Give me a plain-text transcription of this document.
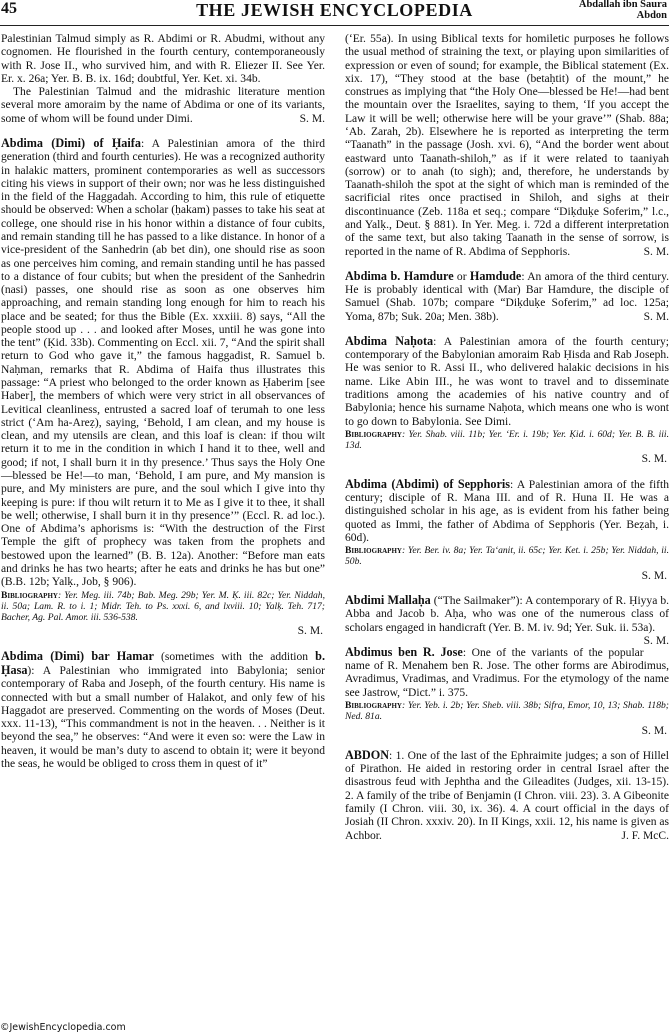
45	THE JEWISH ENCYCLOPEDIA	Abdallah ibn Saura
Abdon

Palestinian Talmud simply as R. Abdimi or R. Abudmi, without any cognomen. He flourished in the fourth century, contemporaneously with R. Jose II., who survived him, and with R. Eliezer II. See Yer. Er. x. 26a; Yer. B. B. ix. 16d; doubtful, Yer. Ket. xi. 34b.

The Palestinian Talmud and the midrashic literature mention several more amoraim by the name of Abdima or one of its variants, some of whom will be found under Dimi.	S. M.

Abdima (Dimi) of Ḥaifa: A Palestinian amora of the third generation (third and fourth centuries). He was a recognized authority in halakic matters, prominent contemporaries as well as successors citing his views in support of their own; nor was he less distinguished in the field of the Haggadah. According to him, this rule of etiquette should be observed: When a scholar (ḥakam) passes to take his seat at college, one should rise in his honor within a distance of four cubits, and remain standing till he has passed to a like distance. In honor of a vice-president of the Sanhedrin (ab bet din), one should rise as soon as one perceives him coming, and remain standing until he has passed to a distance of four cubits; but when the president of the Sanhedrin (nasi) passes, one should rise as soon as one observes him approaching, and remain standing long enough for him to reach his place and be seated; for thus the Bible (Ex. xxxiii. 8) says, “All the people stood up . . . and looked after Moses, until he was gone into the tent” (Ḳid. 33b). Commenting on Eccl. xii. 7, “And the spirit shall return to God who gave it,” the famous haggadist, R. Samuel b. Naḥman, remarks that R. Abdima of Haifa thus illustrates this passage: “A priest who belonged to the order known as Ḥaberim [see Haber], the members of which were very strict in all observances of Levitical cleanliness, entrusted a sacred loaf of terumah to one less strict (‘Am ha-Areẓ), saying, ‘Behold, I am clean, and my house is clean, and my utensils are clean, and this loaf is clean: if thou wilt return it to me in the condition in which I hand it to thee, well and good; if not, I shall burn it in thy presence.’ Thus says the Holy One—blessed be He!—to man, ‘Behold, I am pure, and My mansion is pure, and My ministers are pure, and the soul which I give into thy keeping is pure: if thou wilt return it to Me as I give it to thee, it shall be well; otherwise, I shall burn it in thy presence’” (Eccl. R. ad loc.). One of Abdima’s aphorisms is: “With the destruction of the First Temple the gift of prophecy was taken from the prophets and bestowed upon the learned” (B. B. 12a). Another: “Before man eats and drinks he has two hearts; after he eats and drinks he has but one” (B.B. 12b; Yalḳ., Job, § 906).

Bibliography: Yer. Meg. iii. 74b; Bab. Meg. 29b; Yer. M. Ḳ. iii. 82c; Yer. Niddah, ii. 50a; Lam. R. to i. 1; Midr. Teh. to Ps. xxxi. 6, and lxviii. 10; Yalḳ. Teh. 717; Bacher, Ag. Pal. Amor. iii. 536-538.

S. M.

Abdima (Dimi) bar Hamar (sometimes with the addition b. Ḥasa): A Palestinian who immigrated into Babylonia; senior contemporary of Raba and Joseph, of the fourth century. His name is connected with but a small number of Halakot, and only few of his Haggadot are preserved. Commenting on the words of Moses (Deut. xxx. 11-13), “This commandment is not in the heaven. . . Neither is it beyond the sea,” he observes: “And were it even so: were the Law in heaven, it would be man’s duty to ascend to obtain it; were it beyond the seas, he would be obliged to cross them in quest of it”

(‘Er. 55a). In using Biblical texts for homiletic purposes he follows the usual method of straining the text, or playing upon similarities of expression or even of sound; for example, the Biblical statement (Ex. xix. 17), “They stood at the base (betaḥtit) of the mount,” he construes as implying that “the Holy One—blessed be He!—had bent the mountain over the Israelites, saying to them, ‘If you accept the Law it will be well; otherwise here will be your grave’” (Shab. 88a; ‘Ab. Zarah, 2b). Elsewhere he is reported as interpreting the term “Taanath” in the passage (Josh. xvi. 6), “And the border went about eastward unto Taanath-shiloh,” as if it were related to taaniyah (sorrow) or to anah (to sigh); and, therefore, he understands by Taanath-shiloh the spot at the sight of which man is reminded of the sacrificial rites once practised in Shiloh, and sighs at their discontinuance (Zeb. 118a et seq.; compare “Diḳduḳe Soferim,” l.c., and Yalḳ., Deut. § 881). In Yer. Meg. i. 72d a different interpretation of the same text, but also taking Taanath in the sense of sorrow, is reported in the name of R. Abdima of Sepphoris.	S. M.

Abdima b. Hamdure or Hamdude: An amora of the third century. He is probably identical with (Mar) Bar Hamdure, the disciple of Samuel (Shab. 107b; compare “Diḳduḳe Soferim,” ad loc. 125a; Yoma, 87b; Suk. 20a; Men. 38b).	S. M.

Abdima Naḥota: A Palestinian amora of the fourth century; contemporary of the Babylonian amoraim Rab Ḥisda and Rab Joseph. He was senior to R. Assi II., who delivered halakic decisions in his name. Like Abin III., he was wont to travel and to disseminate traditions among the academies of his native country and of Babylonia; hence his surname Naḥota, which means one who is wont to go down to Babylonia. See Dimi.

Bibliography: Yer. Shab. viii. 11b; Yer. ‘Er. i. 19b; Yer. Ḳid. i. 60d; Yer. B. B. iii. 13d.

S. M.

Abdima (Abdimi) of Sepphoris: A Palestinian amora of the fifth century; disciple of R. Mana III. and of R. Huna II. He was a distinguished scholar in his age, as is evident from his father being quoted as Immi, the father of Abdima of Sepphoris (Yer. Beẓah, i. 60d).

Bibliography: Yer. Ber. iv. 8a; Yer. Ta‘anit, ii. 65c; Yer. Ket. i. 25b; Yer. Niddah, ii. 50b.

S. M.

Abdimi Mallaḥa (“The Sailmaker”): A contemporary of R. Ḥiyya b. Abba and Jacob b. Aḥa, who was one of the numerous class of scholars engaged in handicraft (Yer. B. M. iv. 9d; Yer. Suk. ii. 53a).
S. M.

Abdimus ben R. Jose: One of the variants of the popular name of R. Menahem ben R. Jose. The other forms are Abirodimus, Avradimus, Vradimas, and Vradimus. For the etymology of the name see Jastrow, “Dict.” i. 375.

Bibliography: Yer. Yeb. i. 2b; Yer. Sheb. viii. 38b; Sifra, Emor, 10, 13; Shab. 118b; Ned. 81a.

S. M.

ABDON: 1. One of the last of the Ephraimite judges; a son of Hillel of Pirathon. He aided in restoring order in central Israel after the disastrous feud with Jephtha and the Gileadites (Judges, xii. 13-15). 2. A family of the tribe of Benjamin (I Chron. viii. 23). 3. A Gibeonite family (I Chron. viii. 30, ix. 36). 4. A court official in the days of Josiah (II Chron. xxxiv. 20). In II Kings, xxii. 12, his name is given as Achbor.	J. F. McC.

©JewishEncyclopedia.com
